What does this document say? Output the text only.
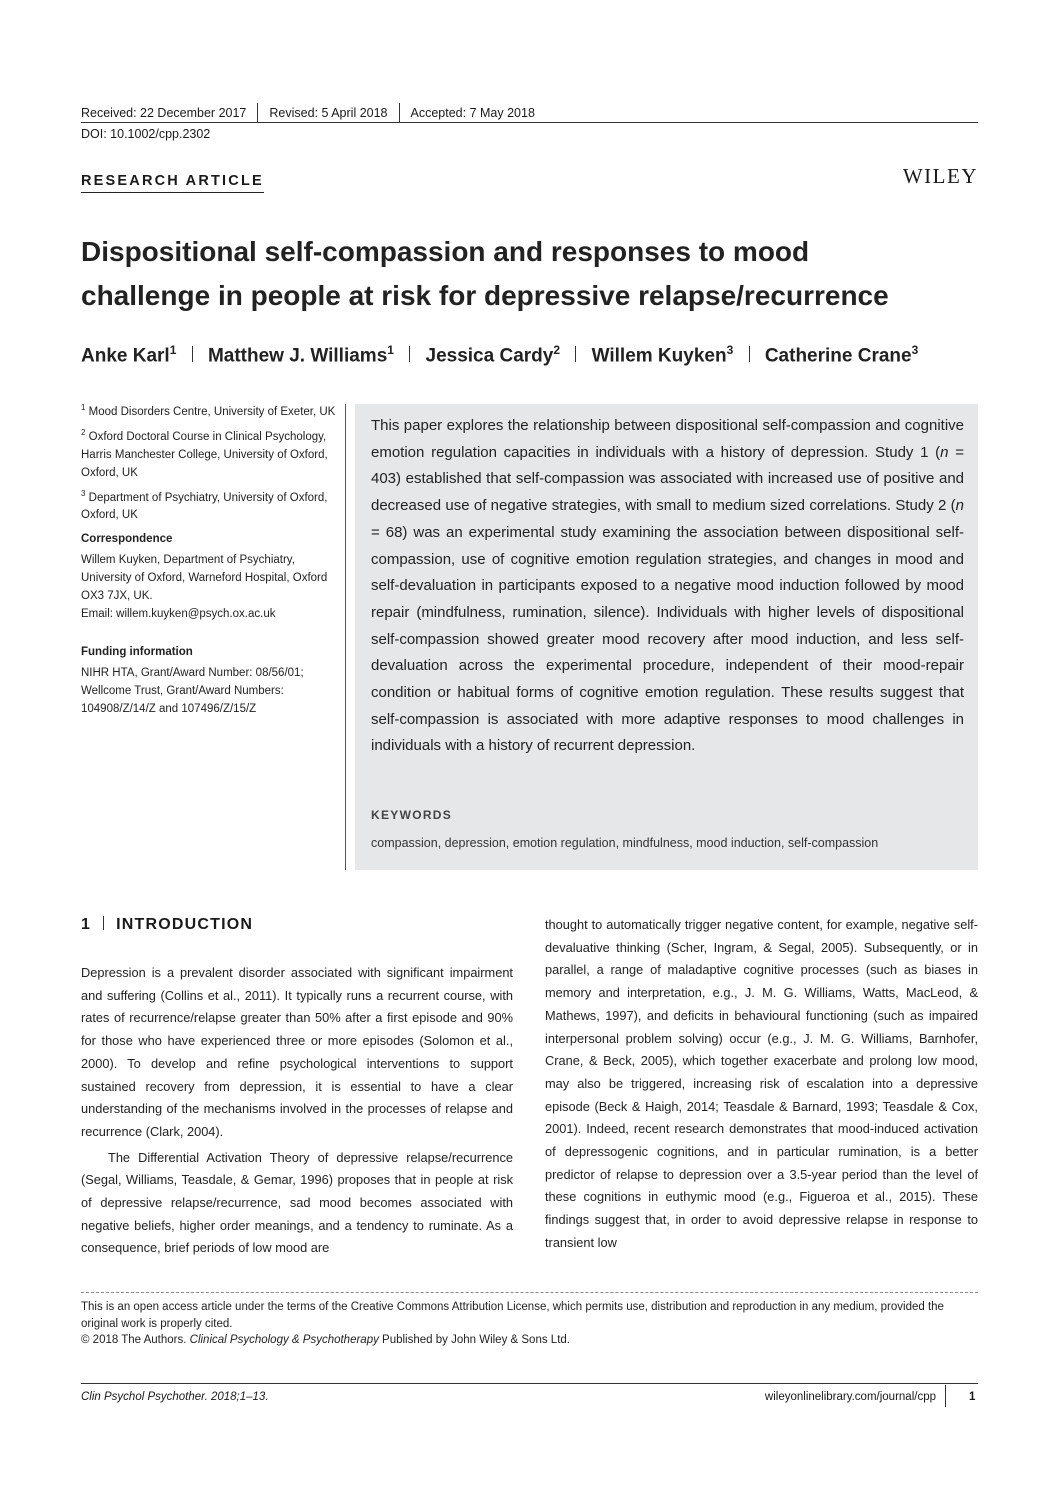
Received: 22 December 2017 Revised: 5 April 2018 Accepted: 7 May 2018
DOI: 10.1002/cpp.2302
RESEARCH ARTICLE	WILEY
Dispositional self-compassion and responses to mood
challenge in people at risk for depressive relapse/recurrence
Anke Karl$^1$ Matthew J. Williams$^1$ Jessica Cardy$^2$ Willem Kuyken$^3$ Catherine Crane$^3$

$^1$ Mood Disorders Centre, University of Exeter, UK

$^2$ Oxford Doctoral Course in Clinical Psychology, Harris Manchester College, University of Oxford, Oxford, UK

$^3$ Department of Psychiatry, University of Oxford, Oxford, UK

Correspondence

Willem Kuyken, Department of Psychiatry, University of Oxford, Warneford Hospital, Oxford OX3 7JX, UK.
Email: willem.kuyken@psych.ox.ac.uk

Funding information

NIHR HTA, Grant/Award Number: 08/56/01; Wellcome Trust, Grant/Award Numbers: 104908/Z/14/Z and 107496/Z/15/Z

This paper explores the relationship between dispositional self-compassion and cognitive emotion regulation capacities in individuals with a history of depression. Study 1 (n = 403) established that self-compassion was associated with increased use of positive and decreased use of negative strategies, with small to medium sized correlations. Study 2 (n = 68) was an experimental study examining the association between dispositional self-compassion, use of cognitive emotion regulation strategies, and changes in mood and self-devaluation in participants exposed to a negative mood induction followed by mood repair (mindfulness, rumination, silence). Individuals with higher levels of dispositional self-compassion showed greater mood recovery after mood induction, and less self-devaluation across the experimental procedure, independent of their mood-repair condition or habitual forms of cognitive emotion regulation. These results suggest that self-compassion is associated with more adaptive responses to mood challenges in individuals with a history of recurrent depression.

KEYWORDS
compassion, depression, emotion regulation, mindfulness, mood induction, self-compassion
1 INTRODUCTION

Depression is a prevalent disorder associated with significant impairment and suffering (Collins et al., 2011). It typically runs a recurrent course, with rates of recurrence/relapse greater than 50% after a first episode and 90% for those who have experienced three or more episodes (Solomon et al., 2000). To develop and refine psychological interventions to support sustained recovery from depression, it is essential to have a clear understanding of the mechanisms involved in the processes of relapse and recurrence (Clark, 2004).

The Differential Activation Theory of depressive relapse/recurrence (Segal, Williams, Teasdale, & Gemar, 1996) proposes that in people at risk of depressive relapse/recurrence, sad mood becomes associated with negative beliefs, higher order meanings, and a tendency to ruminate. As a consequence, brief periods of low mood are

thought to automatically trigger negative content, for example, negative self-devaluative thinking (Scher, Ingram, & Segal, 2005). Subsequently, or in parallel, a range of maladaptive cognitive processes (such as biases in memory and interpretation, e.g., J. M. G. Williams, Watts, MacLeod, & Mathews, 1997), and deficits in behavioural functioning (such as impaired interpersonal problem solving) occur (e.g., J. M. G. Williams, Barnhofer, Crane, & Beck, 2005), which together exacerbate and prolong low mood, may also be triggered, increasing risk of escalation into a depressive episode (Beck & Haigh, 2014; Teasdale & Barnard, 1993; Teasdale & Cox, 2001). Indeed, recent research demonstrates that mood-induced activation of depressogenic cognitions, and in particular rumination, is a better predictor of relapse to depression over a 3.5-year period than the level of these cognitions in euthymic mood (e.g., Figueroa et al., 2015). These findings suggest that, in order to avoid depressive relapse in response to transient low

This is an open access article under the terms of the Creative Commons Attribution License, which permits use, distribution and reproduction in any medium, provided the original work is properly cited.

© 2018 The Authors. Clinical Psychology & Psychotherapy Published by John Wiley & Sons Ltd.

Clin Psychol Psychother. 2018;1–13.	wileyonlinelibrary.com/journal/cpp	1
